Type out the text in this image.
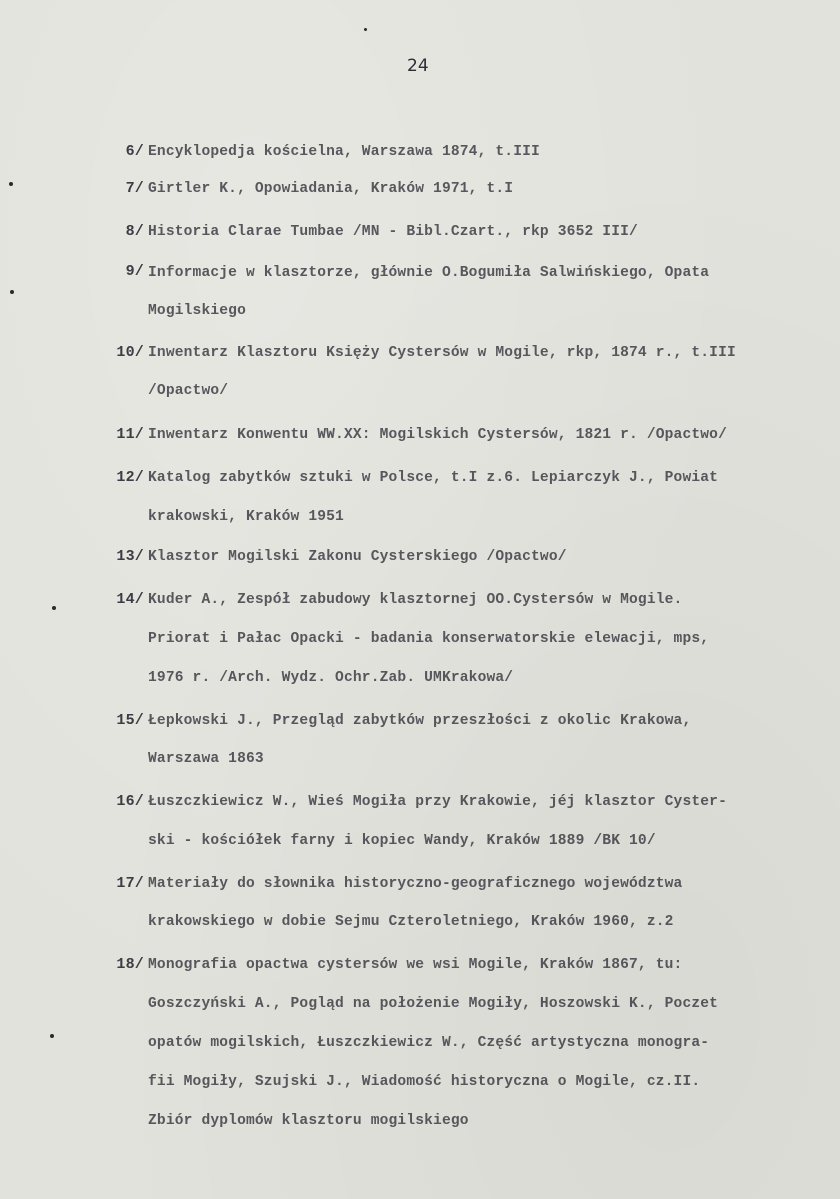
24
6/ Encyklopedja kościelna, Warszawa 1874, t.III
7/ Girtler K., Opowiadania, Kraków 1971, t.I
8/ Historia Clarae Tumbae /MN - Bibl.Czart., rkp 3652 III/
9/ Informacje w klasztorze, głównie O.Bogumiła Salwińskiego, Opata
Mogilskiego
10/ Inwentarz Klasztoru Księży Cystersów w Mogile, rkp, 1874 r., t.III
/Opactwo/
11/ Inwentarz Konwentu WW.XX: Mogilskich Cystersów, 1821 r. /Opactwo/
12/ Katalog zabytków sztuki w Polsce, t.I z.6. Lepiarczyk J., Powiat
krakowski, Kraków 1951
13/ Klasztor Mogilski Zakonu Cysterskiego /Opactwo/
14/ Kuder A., Zespół zabudowy klasztornej OO.Cystersów w Mogile.
Priorat i Pałac Opacki - badania konserwatorskie elewacji, mps,
1976 r. /Arch. Wydz. Ochr.Zab. UMKrakowa/
15/ Łepkowski J., Przegląd zabytków przeszłości z okolic Krakowa,
Warszawa 1863
16/ Łuszczkiewicz W., Wieś Mogiła przy Krakowie, jéj klasztor Cyster-
ski - kościółek farny i kopiec Wandy, Kraków 1889 /BK 10/
17/ Materiały do słownika historyczno-geograficznego województwa
krakowskiego w dobie Sejmu Czteroletniego, Kraków 1960, z.2
18/ Monografia opactwa cystersów we wsi Mogile, Kraków 1867, tu:
Goszczyński A., Pogląd na położenie Mogiły, Hoszowski K., Poczet
opatów mogilskich, Łuszczkiewicz W., Część artystyczna monogra-
fii Mogiły, Szujski J., Wiadomość historyczna o Mogile, cz.II.
Zbiór dyplomów klasztoru mogilskiego
